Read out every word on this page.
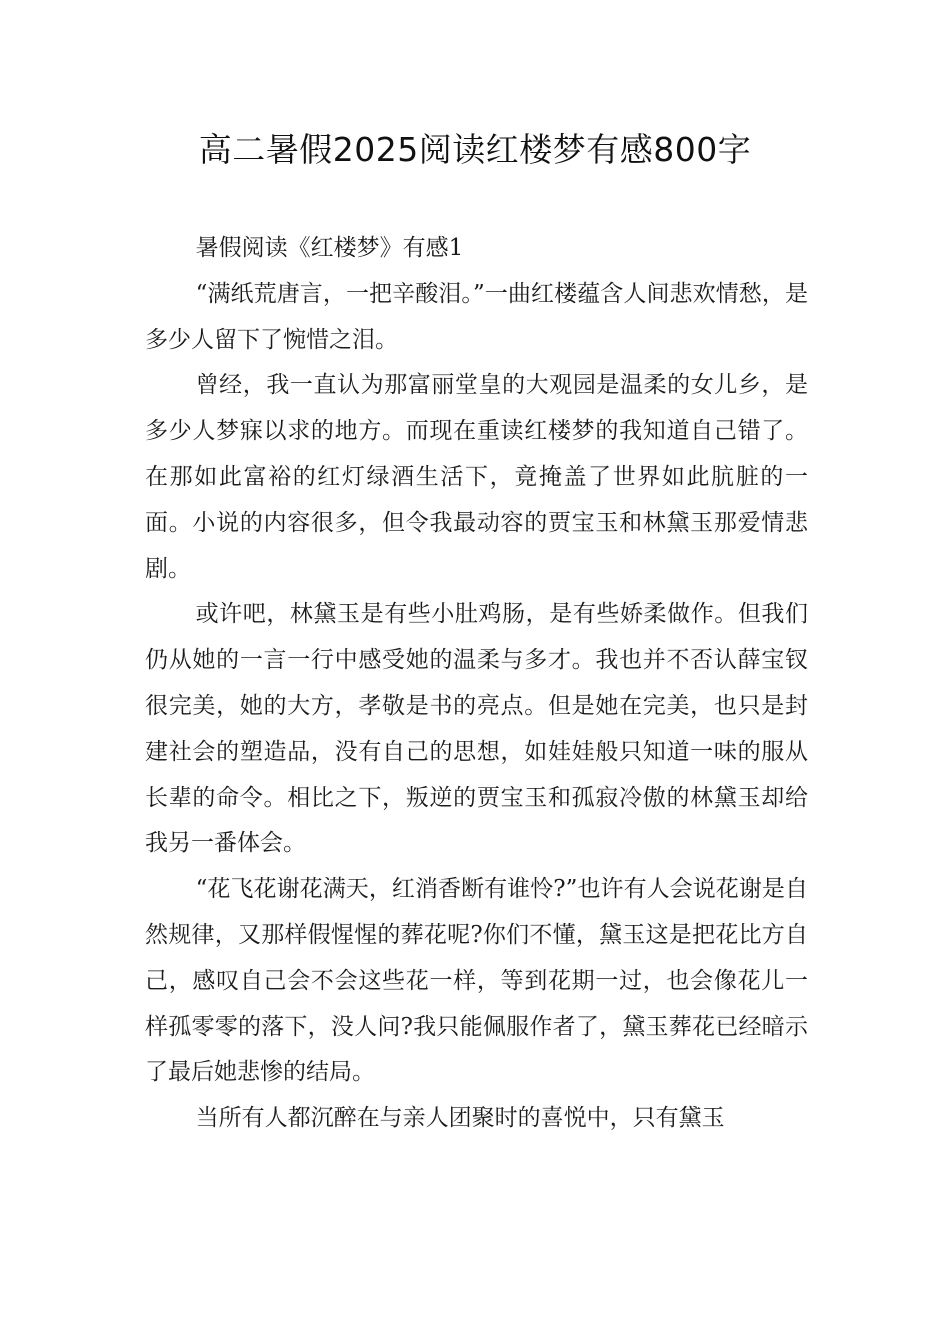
高二暑假2025阅读红楼梦有感800字

暑假阅读《红楼梦》有感1

“满纸荒唐言，一把辛酸泪。”一曲红楼蕴含人间悲欢情愁，是多少人留下了惋惜之泪。

曾经，我一直认为那富丽堂皇的大观园是温柔的女儿乡，是多少人梦寐以求的地方。而现在重读红楼梦的我知道自己错了。在那如此富裕的红灯绿酒生活下，竟掩盖了世界如此肮脏的一面。小说的内容很多，但令我最动容的贾宝玉和林黛玉那爱情悲剧。

或许吧，林黛玉是有些小肚鸡肠，是有些娇柔做作。但我们仍从她的一言一行中感受她的温柔与多才。我也并不否认薛宝钗很完美，她的大方，孝敬是书的亮点。但是她在完美，也只是封建社会的塑造品，没有自己的思想，如娃娃般只知道一味的服从长辈的命令。相比之下，叛逆的贾宝玉和孤寂冷傲的林黛玉却给我另一番体会。

“花飞花谢花满天，红消香断有谁怜?”也许有人会说花谢是自然规律，又那样假惺惺的葬花呢?你们不懂，黛玉这是把花比方自己，感叹自己会不会这些花一样，等到花期一过，也会像花儿一样孤零零的落下，没人问?我只能佩服作者了，黛玉葬花已经暗示了最后她悲惨的结局。

当所有人都沉醉在与亲人团聚时的喜悦中，只有黛玉
